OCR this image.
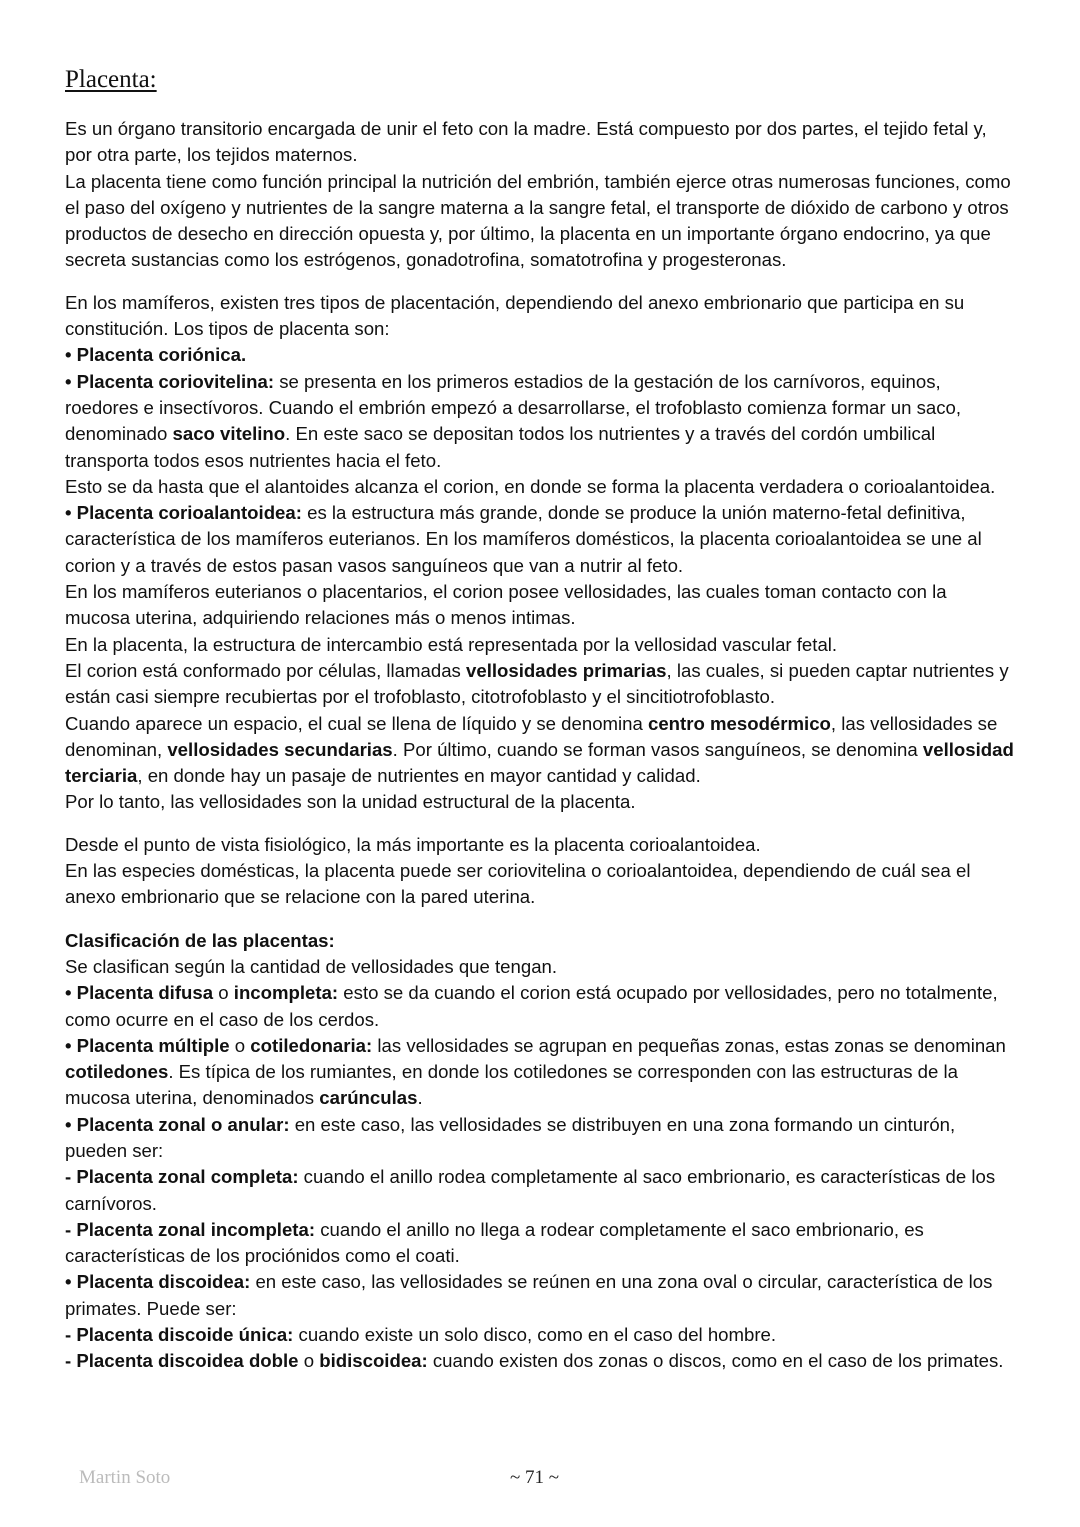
Placenta:

Es un órgano transitorio encargada de unir el feto con la madre. Está compuesto por dos partes, el tejido fetal y, por otra parte, los tejidos maternos.

La placenta tiene como función principal la nutrición del embrión, también ejerce otras numerosas funciones, como el paso del oxígeno y nutrientes de la sangre materna a la sangre fetal, el transporte de dióxido de carbono y otros productos de desecho en dirección opuesta y, por último, la placenta en un importante órgano endocrino, ya que secreta sustancias como los estrógenos, gonadotrofina, somatotrofina y progesteronas.

En los mamíferos, existen tres tipos de placentación, dependiendo del anexo embrionario que participa en su constitución. Los tipos de placenta son:

• Placenta coriónica.

• Placenta coriovitelina: se presenta en los primeros estadios de la gestación de los carnívoros, equinos, roedores e insectívoros. Cuando el embrión empezó a desarrollarse, el trofoblasto comienza formar un saco, denominado saco vitelino. En este saco se depositan todos los nutrientes y a través del cordón umbilical transporta todos esos nutrientes hacia el feto.

Esto se da hasta que el alantoides alcanza el corion, en donde se forma la placenta verdadera o corioalantoidea.

• Placenta corioalantoidea: es la estructura más grande, donde se produce la unión materno-fetal definitiva, característica de los mamíferos euterianos. En los mamíferos domésticos, la placenta corioalantoidea se une al corion y a través de estos pasan vasos sanguíneos que van a nutrir al feto.

En los mamíferos euterianos o placentarios, el corion posee vellosidades, las cuales toman contacto con la mucosa uterina, adquiriendo relaciones más o menos intimas.

En la placenta, la estructura de intercambio está representada por la vellosidad vascular fetal.

El corion está conformado por células, llamadas vellosidades primarias, las cuales, si pueden captar nutrientes y están casi siempre recubiertas por el trofoblasto, citotrofoblasto y el sincitiotrofoblasto.

Cuando aparece un espacio, el cual se llena de líquido y se denomina centro mesodérmico, las vellosidades se denominan, vellosidades secundarias. Por último, cuando se forman vasos sanguíneos, se denomina vellosidad terciaria, en donde hay un pasaje de nutrientes en mayor cantidad y calidad.

Por lo tanto, las vellosidades son la unidad estructural de la placenta.

Desde el punto de vista fisiológico, la más importante es la placenta corioalantoidea.

En las especies domésticas, la placenta puede ser coriovitelina o corioalantoidea, dependiendo de cuál sea el anexo embrionario que se relacione con la pared uterina.

Clasificación de las placentas:

Se clasifican según la cantidad de vellosidades que tengan.

• Placenta difusa o incompleta: esto se da cuando el corion está ocupado por vellosidades, pero no totalmente, como ocurre en el caso de los cerdos.

• Placenta múltiple o cotiledonaria: las vellosidades se agrupan en pequeñas zonas, estas zonas se denominan cotiledones. Es típica de los rumiantes, en donde los cotiledones se corresponden con las estructuras de la mucosa uterina, denominados carúnculas.

• Placenta zonal o anular: en este caso, las vellosidades se distribuyen en una zona formando un cinturón, pueden ser:

- Placenta zonal completa: cuando el anillo rodea completamente al saco embrionario, es características de los carnívoros.

- Placenta zonal incompleta: cuando el anillo no llega a rodear completamente el saco embrionario, es características de los prociónidos como el coati.

• Placenta discoidea: en este caso, las vellosidades se reúnen en una zona oval o circular, característica de los primates. Puede ser:

- Placenta discoide única: cuando existe un solo disco, como en el caso del hombre.

- Placenta discoidea doble o bidiscoidea: cuando existen dos zonas o discos, como en el caso de los primates.

Martin Soto	~ 71 ~
